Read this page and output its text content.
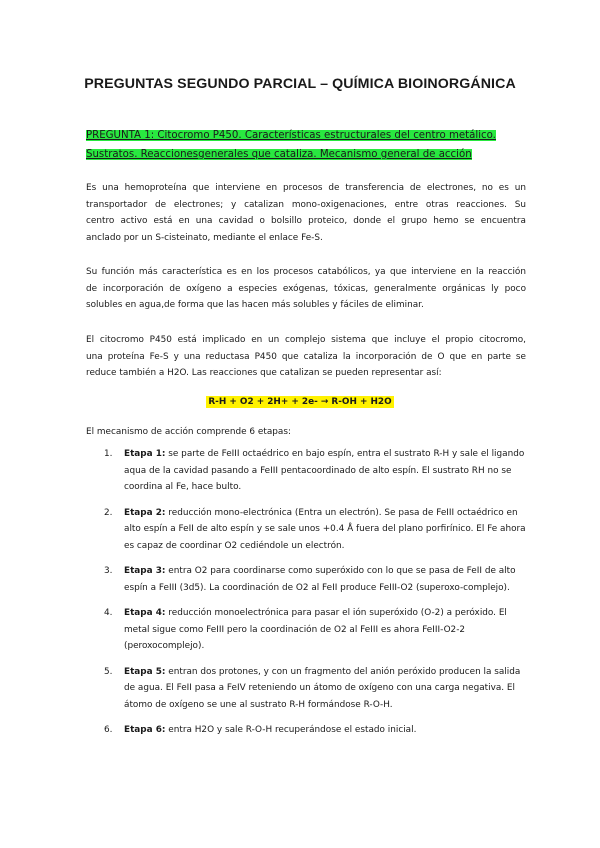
PREGUNTAS SEGUNDO PARCIAL – QUÍMICA BIOINORGÁNICA
PREGUNTA 1: Citocromo P450. Características estructurales del centro metálico.
Sustratos. Reaccionesgenerales que cataliza. Mecanismo general de acción
Es una hemoproteína que interviene en procesos de transferencia de electrones, no es un
transportador de electrones; y catalizan mono-oxigenaciones, entre otras reacciones. Su
centro activo está en una cavidad o bolsillo proteico, donde el grupo hemo se encuentra
anclado por un S-cisteinato, mediante el enlace Fe-S.
Su función más característica es en los procesos catabólicos, ya que interviene en la reacción
de incorporación de oxígeno a especies exógenas, tóxicas, generalmente orgánicas ly poco
solubles en agua,de forma que las hacen más solubles y fáciles de eliminar.
El citocromo P450 está implicado en un complejo sistema que incluye el propio citocromo,
una proteína Fe-S y una reductasa P450 que cataliza la incorporación de O que en parte se
reduce también a H2O. Las reacciones que catalizan se pueden representar así:
R-H + O2 + 2H+ + 2e- → R-OH + H2O
El mecanismo de acción comprende 6 etapas:
1. Etapa 1: se parte de FeIII octaédrico en bajo espín, entra el sustrato R-H y sale el ligando aqua de la cavidad pasando a FeIII pentacoordinado de alto espín. El sustrato RH no se coordina al Fe, hace bulto.
2. Etapa 2: reducción mono-electrónica (Entra un electrón). Se pasa de FeIII octaédrico en alto espín a FeII de alto espín y se sale unos +0.4 Å fuera del plano porfirínico. El Fe ahora es capaz de coordinar O2 cediéndole un electrón.
3. Etapa 3: entra O2 para coordinarse como superóxido con lo que se pasa de FeII de alto espín a FeIII (3d5). La coordinación de O2 al FeII produce FeIII-O2 (superoxo-complejo).
4. Etapa 4: reducción monoelectrónica para pasar el ión superóxido (O-2) a peróxido. El metal sigue como FeIII pero la coordinación de O2 al FeIII es ahora FeIII-O2-2 (peroxocomplejo).
5. Etapa 5: entran dos protones, y con un fragmento del anión peróxido producen la salida de agua. El FeII pasa a FeIV reteniendo un átomo de oxígeno con una carga negativa. El átomo de oxígeno se une al sustrato R-H formándose R-O-H.
6. Etapa 6: entra H2O y sale R-O-H recuperándose el estado inicial.
